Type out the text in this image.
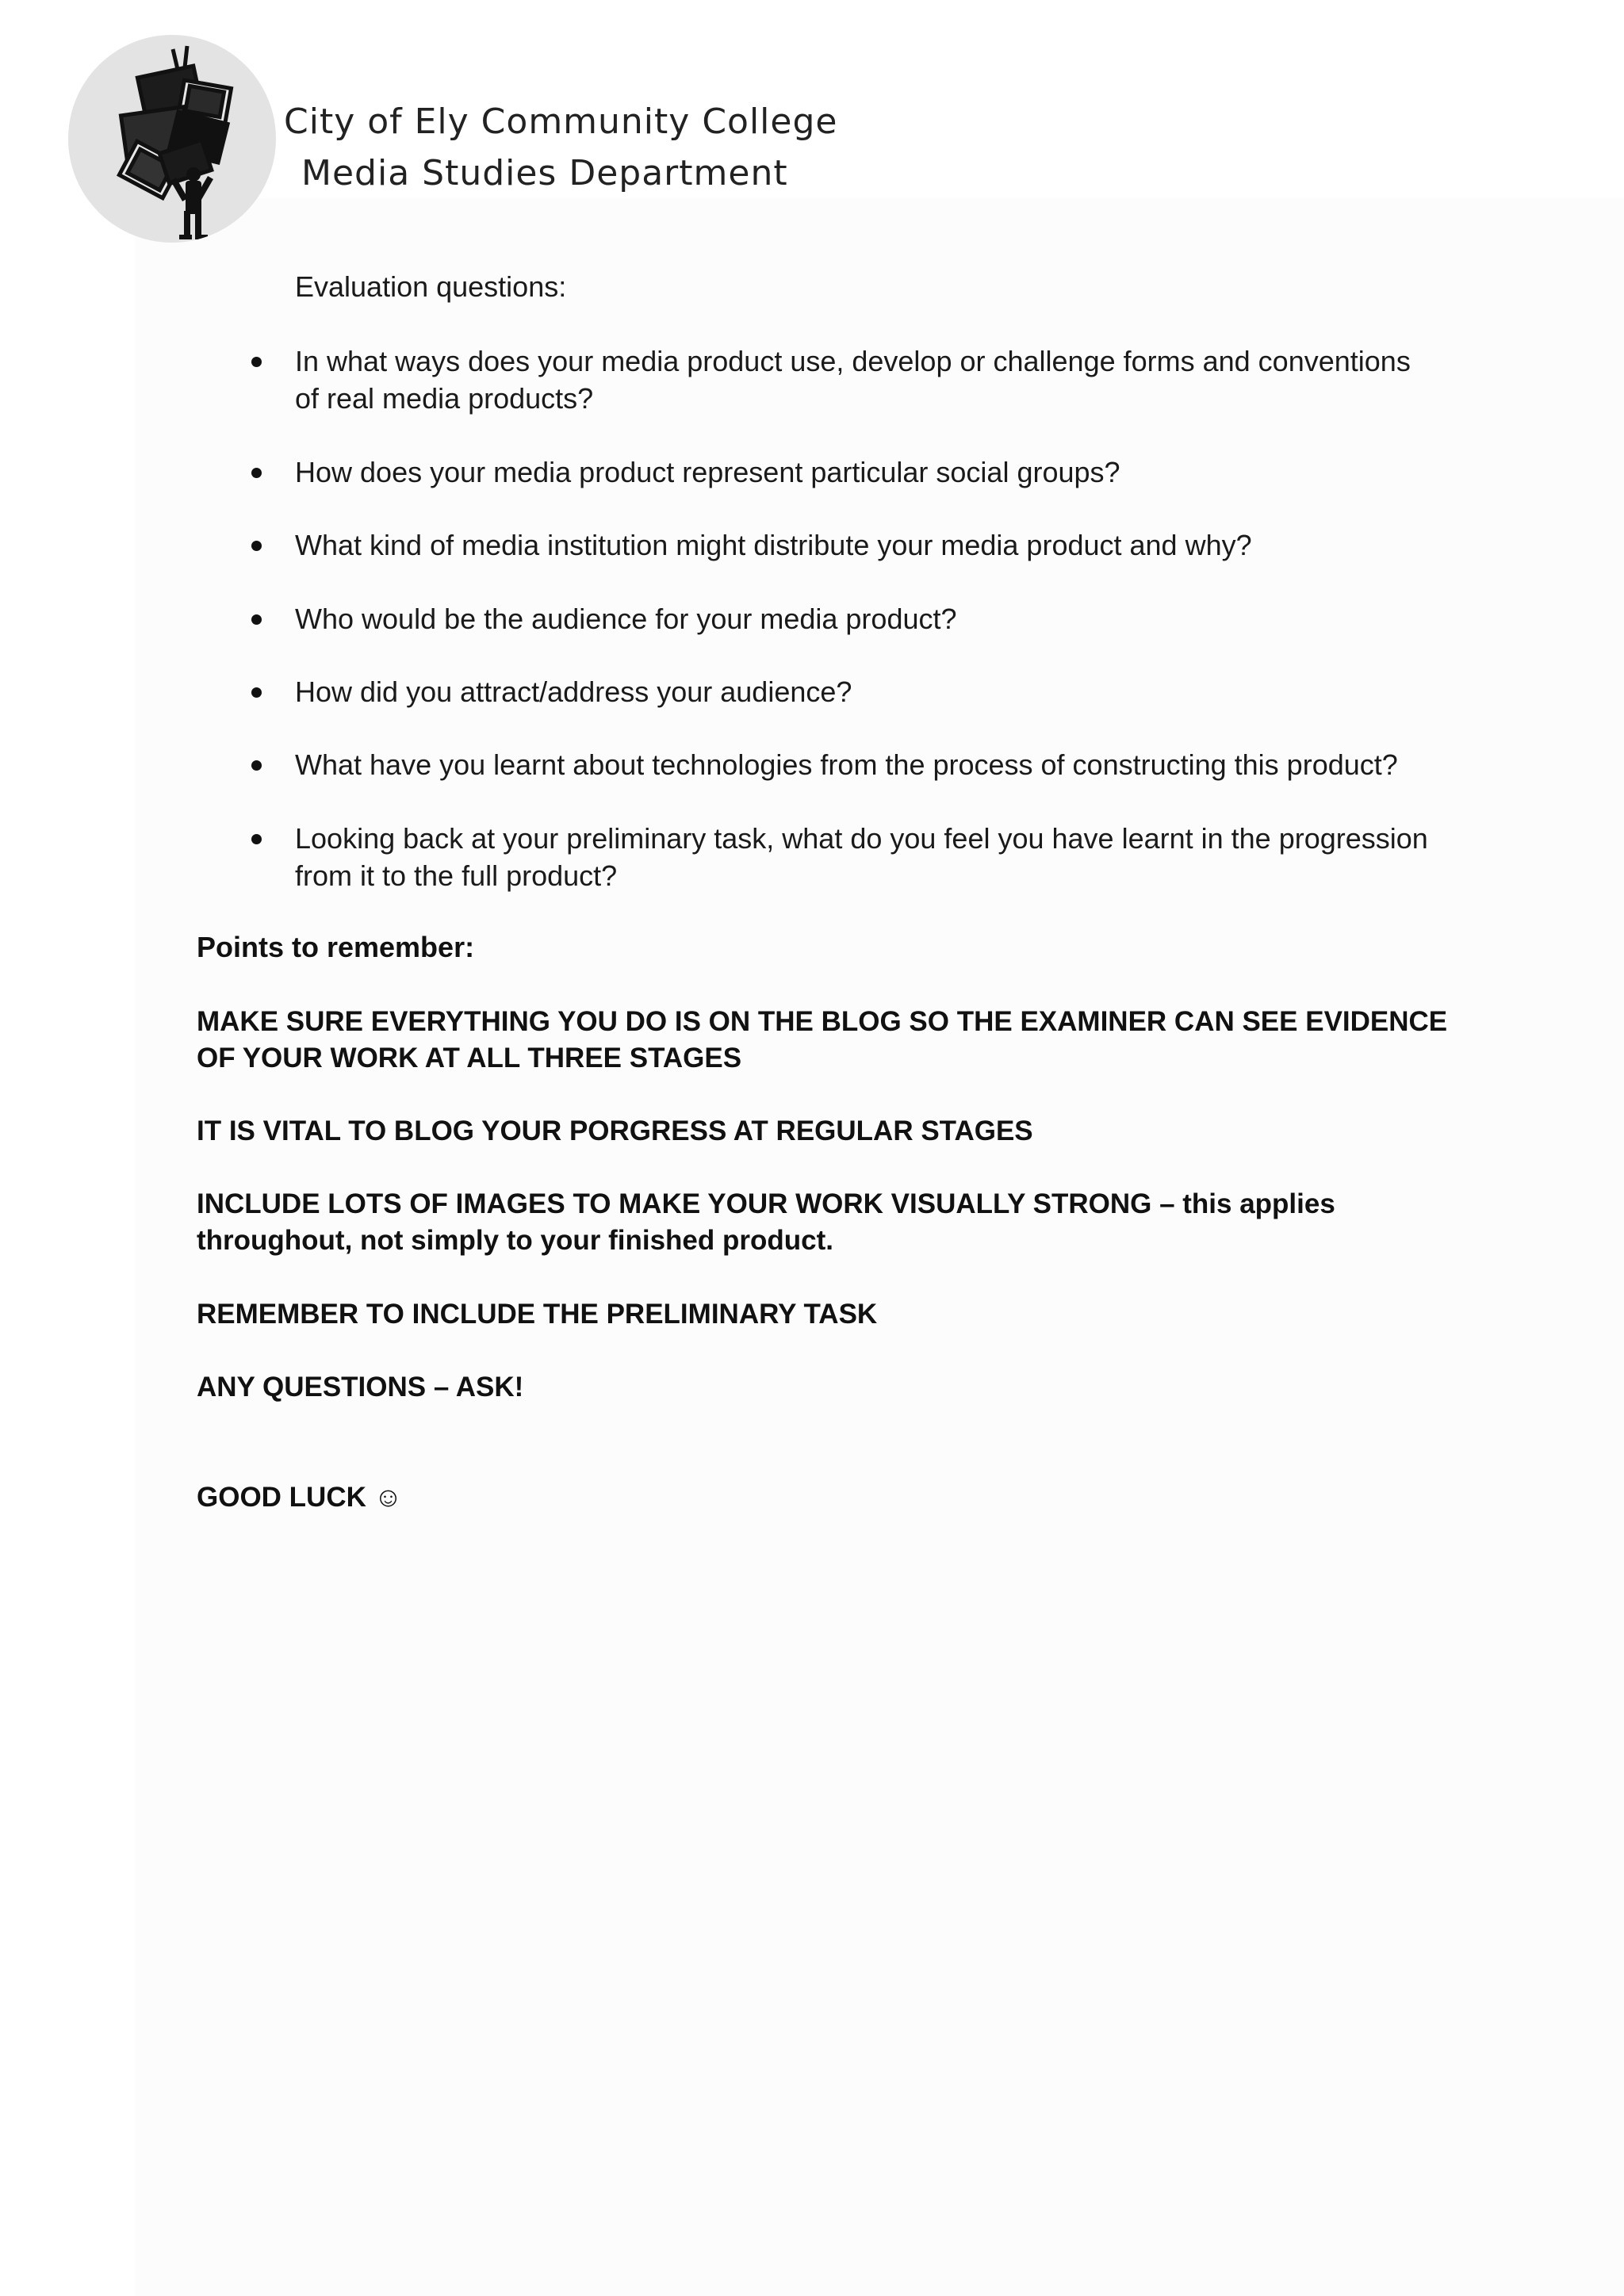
City of Ely Community College
Media Studies Department
Evaluation questions:
In what ways does your media product use, develop or challenge forms and conventions of real media products?
How does your media product represent particular social groups?
What kind of media institution might distribute your media product and why?
Who would be the audience for your media product?
How did you attract/address your audience?
What have you learnt about technologies from the process of constructing this product?
Looking back at your preliminary task, what do you feel you have learnt in the progression from it to the full product?
Points to remember:
MAKE SURE EVERYTHING YOU DO IS ON THE BLOG SO THE EXAMINER CAN SEE EVIDENCE OF YOUR WORK AT ALL THREE STAGES
IT IS VITAL TO BLOG YOUR PORGRESS AT REGULAR STAGES
INCLUDE LOTS OF IMAGES TO MAKE YOUR WORK VISUALLY STRONG – this applies throughout, not simply to your finished product.
REMEMBER TO INCLUDE THE PRELIMINARY TASK
ANY QUESTIONS – ASK!
GOOD LUCK ☺
